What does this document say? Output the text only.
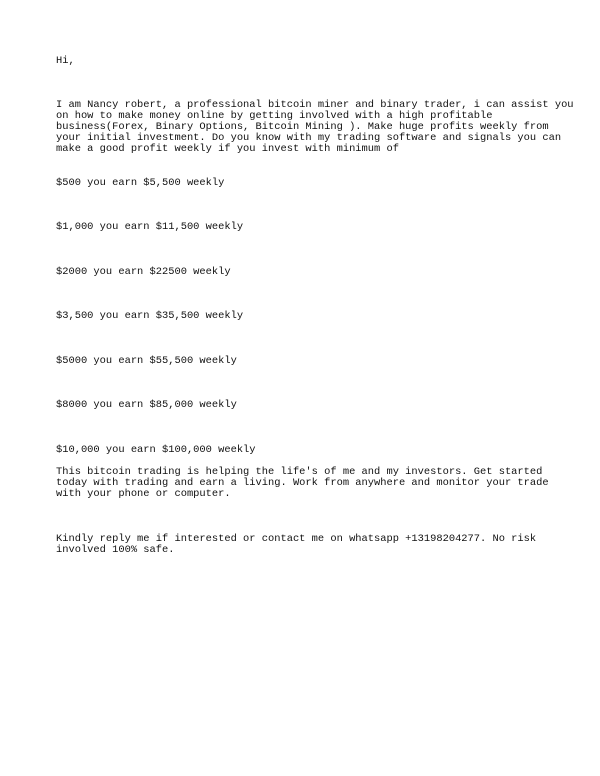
Hi,

I am Nancy robert, a professional bitcoin miner and binary trader, i can assist you

on how to make money online by getting involved with a high profitable

business(Forex, Binary Options, Bitcoin Mining ). Make huge profits weekly from

your initial investment. Do you know with my trading software and signals you can

make a good profit weekly if you invest with minimum of

$500 you earn $5,500 weekly

$1,000 you earn $11,500 weekly

$2000 you earn $22500 weekly

$3,500 you earn $35,500 weekly

$5000 you earn $55,500 weekly

$8000 you earn $85,000 weekly

$10,000 you earn $100,000 weekly

This bitcoin trading is helping the life's of me and my investors. Get started

today with trading and earn a living. Work from anywhere and monitor your trade

with your phone or computer.

Kindly reply me if interested or contact me on whatsapp +13198204277. No risk

involved 100% safe.
